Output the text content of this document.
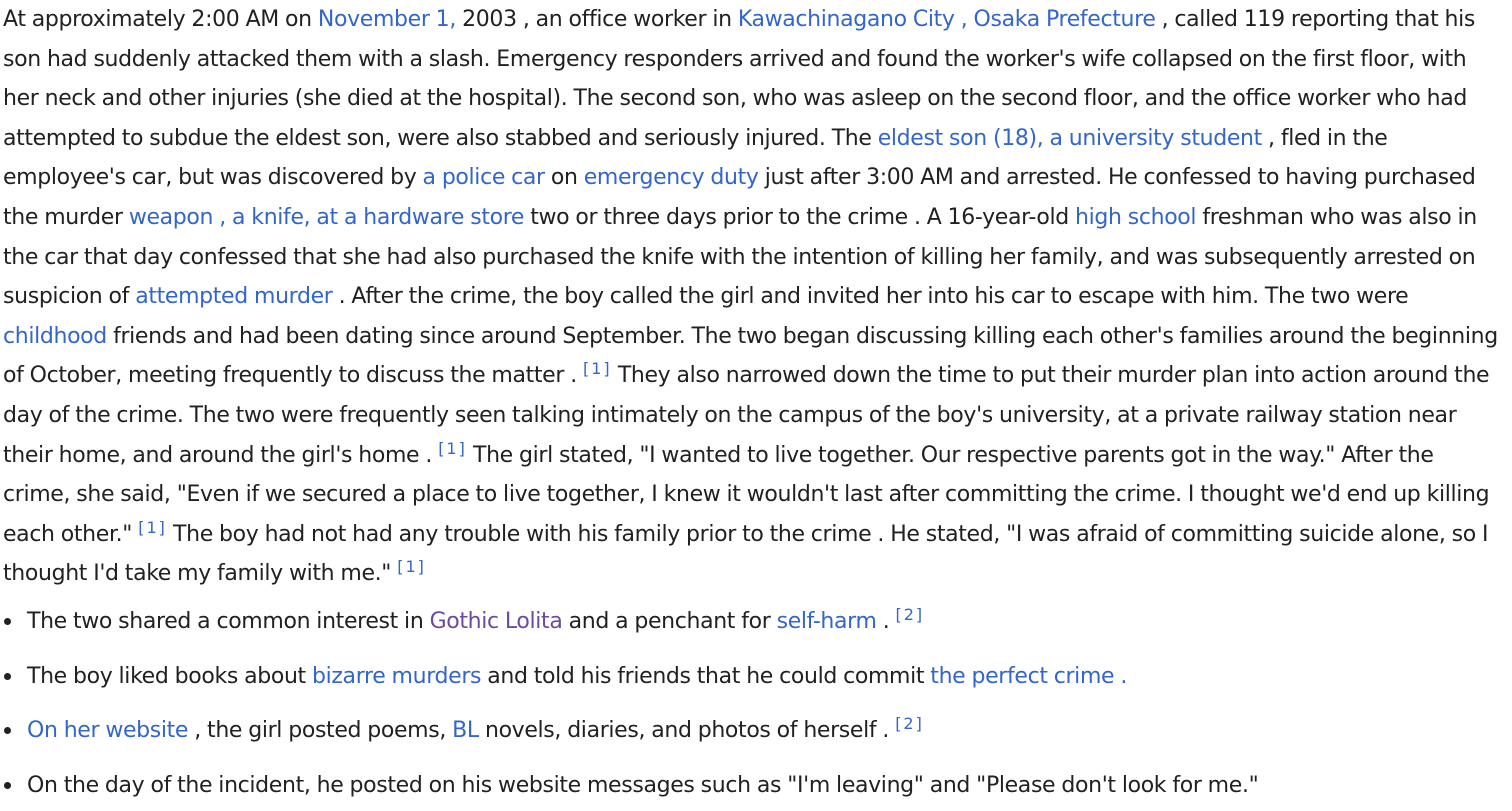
At approximately 2:00 AM on November 1, 2003 , an office worker in Kawachinagano City , Osaka Prefecture , called 119 reporting that his son had suddenly attacked them with a slash. Emergency responders arrived and found the worker's wife collapsed on the first floor, with her neck and other injuries (she died at the hospital). The second son, who was asleep on the second floor, and the office worker who had attempted to subdue the eldest son, were also stabbed and seriously injured. The eldest son (18), a university student , fled in the employee's car, but was discovered by a police car on emergency duty just after 3:00 AM and arrested. He confessed to having purchased the murder weapon , a knife, at a hardware store two or three days prior to the crime . A 16-year-old high school freshman who was also in the car that day confessed that she had also purchased the knife with the intention of killing her family, and was subsequently arrested on suspicion of attempted murder . After the crime, the boy called the girl and invited her into his car to escape with him. The two were childhood friends and had been dating since around September. The two began discussing killing each other's families around the beginning of October, meeting frequently to discuss the matter . [1] They also narrowed down the time to put their murder plan into action around the day of the crime. The two were frequently seen talking intimately on the campus of the boy's university, at a private railway station near their home, and around the girl's home . [1] The girl stated, "I wanted to live together. Our respective parents got in the way." After the crime, she said, "Even if we secured a place to live together, I knew it wouldn't last after committing the crime. I thought we'd end up killing each other." [1] The boy had not had any trouble with his family prior to the crime . He stated, "I was afraid of committing suicide alone, so I thought I'd take my family with me." [1]

The two shared a common interest in Gothic Lolita and a penchant for self-harm . [2]
The boy liked books about bizarre murders and told his friends that he could commit the perfect crime .
On her website , the girl posted poems, BL novels, diaries, and photos of herself . [2]
On the day of the incident, he posted on his website messages such as "I'm leaving" and "Please don't look for me."
